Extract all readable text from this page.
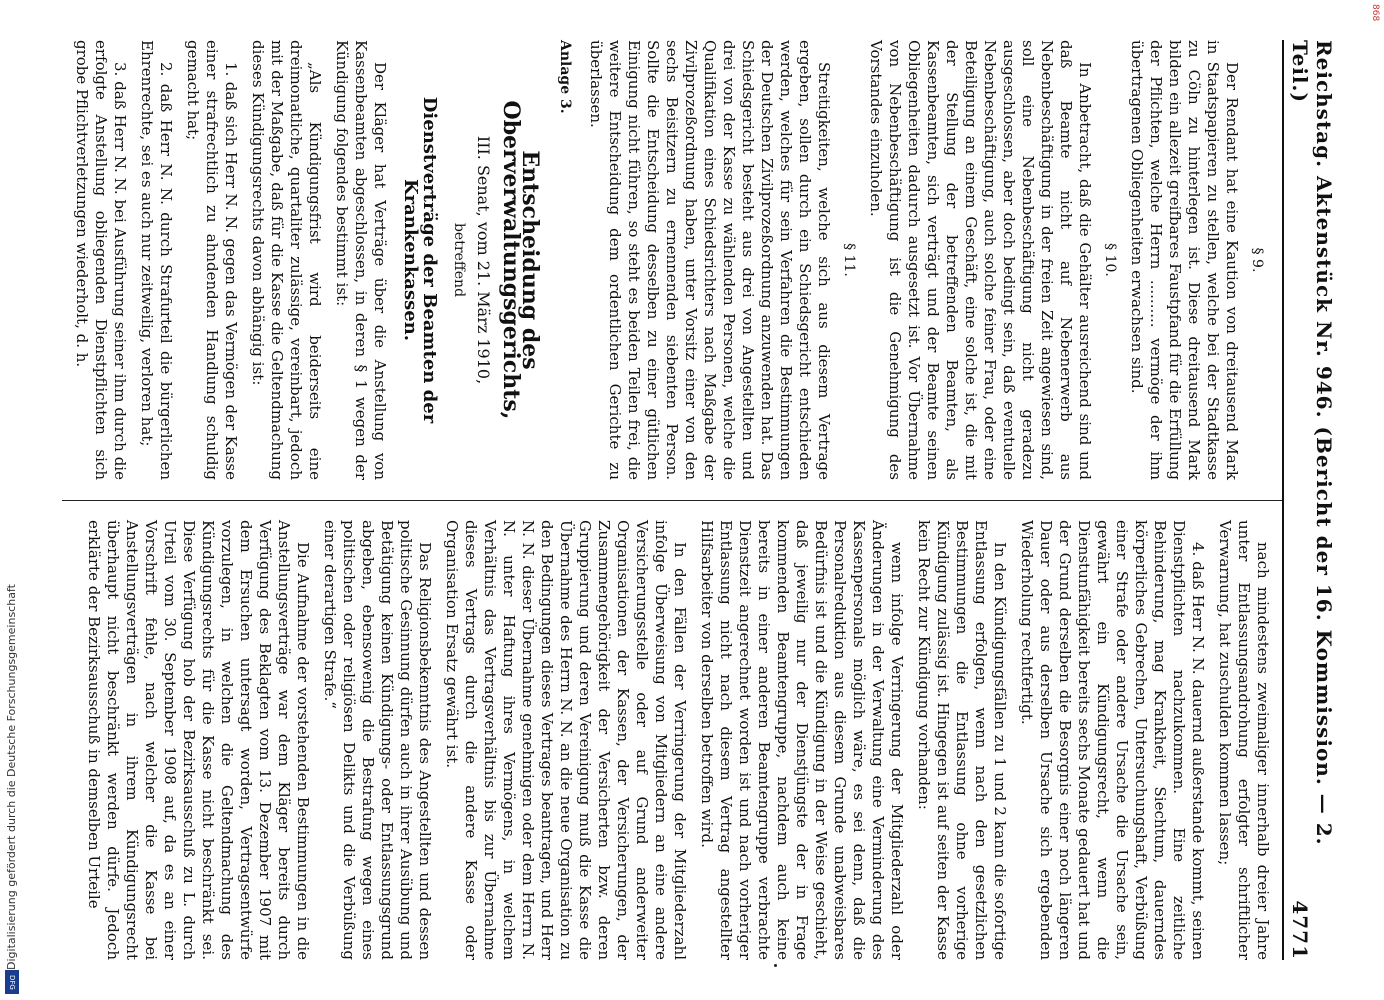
Reichstag. Aktenstück Nr. 946. (Bericht der 16. Kommission. — 2. Teil.)
4771
§ 9.

Der Rendant hat eine Kaution von dreitausend Mark in Staatspapieren zu stellen, welche bei der Stadtkasse zu Cöln zu hinterlegen ist. Diese dreitausend Mark bilden ein allezeit greifbares Faustpfand für die Erfüllung der Pflichten, welche Herrn .......... vermöge der ihm übertragenen Obliegenheiten erwachsen sind.

§ 10.

In Anbetracht, daß die Gehälter ausreichend sind und daß Beamte nicht auf Nebenerwerb aus Nebenbeschäftigung in der freien Zeit angewiesen sind, soll eine Nebenbeschäftigung nicht geradezu ausgeschlossen, aber doch bedingt sein, daß eventuelle Nebenbeschäftigung, auch solche feiner Frau, oder eine Beteiligung an einem Geschäft, eine solche ist, die mit der Stellung der betreffenden Beamten, als Kassenbeamten, sich verträgt und der Beamte seinen Obliegenheiten dadurch ausgesetzt ist. Vor Übernahme von Nebenbeschäftigung ist die Genehmigung des Vorstandes einzuholen.

§ 11.

Streitigkeiten, welche sich aus diesem Vertrage ergeben, sollen durch ein Schiedsgericht entschieden werden, welches für sein Verfahren die Bestimmungen der Deutschen Zivilprozeßordnung anzuwenden hat. Das Schiedsgericht besteht aus drei von Angestellten und drei von der Kasse zu wählenden Personen, welche die Qualifikation eines Schiedsrichters nach Maßgabe der Zivilprozeßordnung haben, unter Vorsitz einer von den sechs Beisitzern zu ernennenden siebenten Person. Sollte die Entscheidung desselben zu einer gütlichen Einigung nicht führen, so steht es beiden Teilen frei, die weitere Entscheidung dem ordentlichen Gerichte zu überlassen.

Anlage 3.
Entscheidung des Oberverwaltungsgerichts,
III. Senat, vom 21. März 1910,
betreffend
Dienstverträge der Beamten der Krankenkassen.

Der Kläger hat Verträge über die Anstellung von Kassenbeamten abgeschlossen, in deren § 1 wegen der Kündigung folgendes bestimmt ist:

„Als Kündigungsfrist wird beiderseits eine dreimonatliche, quartaliter zulässige, vereinbart, jedoch mit der Maßgabe, daß für die Kasse die Geltendmachung dieses Kündigungsrechts davon abhängig ist:

1. daß sich Herr N. N. gegen das Vermögen der Kasse einer strafrechtlich zu ahndenden Handlung schuldig gemacht hat;

2. daß Herr N. N. durch Strafurteil die bürgerlichen Ehrenrechte, sei es auch nur zeitweilig, verloren hat;

3. daß Herr N. N. bei Ausführung seiner ihm durch die erfolgte Anstellung obliegenden Dienstpflichten sich grobe Pflichtverletzungen wiederholt, d. h.

nach mindestens zweimaliger innerhalb dreier Jahre unter Entlassungsandrohung erfolgter schriftlicher Verwarnung, hat zuschulden kommen lassen;

4. daß Herr N. N. dauernd außerstande kommt, seinen Dienstpflichten nachzukommen. Eine zeitliche Behinderung, mag Krankheit, Siechtum, dauerndes körperliches Gebrechen, Untersuchungshaft, Verbüßung einer Strafe oder andere Ursache die Ursache sein, gewährt ein Kündigungsrecht, wenn die Dienstunfähigkeit bereits sechs Monate gedauert hat und der Grund derselben die Besorgnis einer noch längeren Dauer oder aus derselben Ursache sich ergebenden Wiederholung rechtfertigt.

In den Kündigungsfällen zu 1 und 2 kann die sofortige Entlassung erfolgen, wenn nach den gesetzlichen Bestimmungen die Entlassung ohne vorherige Kündigung zulässig ist. Hingegen ist auf seiten der Kasse kein Recht zur Kündigung vorhanden:

wenn infolge Verringerung der Mitgliederzahl oder Änderungen in der Verwaltung eine Verminderung des Kassenpersonals möglich wäre, es sei denn, daß die Personalreduktion aus diesem Grunde unabweisbares Bedürfnis ist und die Kündigung in der Weise geschieht, daß jeweilig nur der Dienstjüngste der in Frage kommenden Beamtengruppe, nachdem auch keine bereits in einer anderen Beamtengruppe verbrachte Dienstzeit angerechnet worden ist und nach vorheriger Entlassung nicht nach diesem Vertrag angestellter Hilfsarbeiter von derselben betroffen wird.

In den Fällen der Verringerung der Mitgliederzahl infolge Überweisung von Mitgliedern an eine andere Versicherungsstelle oder auf Grund anderweiter Organisationen der Kassen, der Versicherungen, der Zusammengehörigkeit der Versicherten bzw. deren Gruppierung und deren Vereinigung muß die Kasse die Übernahme des Herrn N. N. an die neue Organisation zu den Bedingungen dieses Vertrages beantragen, und Herr N. N. dieser Übernahme genehmigen oder dem Herrn N. N. unter Haftung ihres Vermögens, in welchem Verhältnis das Vertragsverhältnis bis zur Übernahme dieses Vertrags durch die andere Kasse oder Organisation Ersatz gewährt ist.

Das Religionsbekenntnis des Angestellten und dessen politische Gesinnung dürfen auch in ihrer Ausübung und Betätigung keinen Kündigungs- oder Entlassungsgrund abgeben, ebensowenig die Bestrafung wegen eines politischen oder religiösen Delikts und die Verbüßung einer derartigen Strafe.“

Die Aufnahme der vorstehenden Bestimmungen in die Anstellungsverträge war dem Kläger bereits durch Verfügung des Beklagten vom 13. Dezember 1907 mit dem Ersuchen untersagt worden, Vertragsentwürfe vorzulegen, in welchen die Geltendmachung des Kündigungsrechts für die Kasse nicht beschränkt sei. Diese Verfügung hob der Bezirksausschuß zu L. durch Urteil vom 30. September 1908 auf, da es an einer Vorschrift fehle, nach welcher die Kasse bei Anstellungsverträgen in ihrem Kündigungsrecht überhaupt nicht beschränkt werden dürfe. Jedoch erklärte der Bezirksausschuß in demselben Urteile

Digitalisierung gefördert durch die Deutsche Forschungsgemeinschaft
DFG
868
